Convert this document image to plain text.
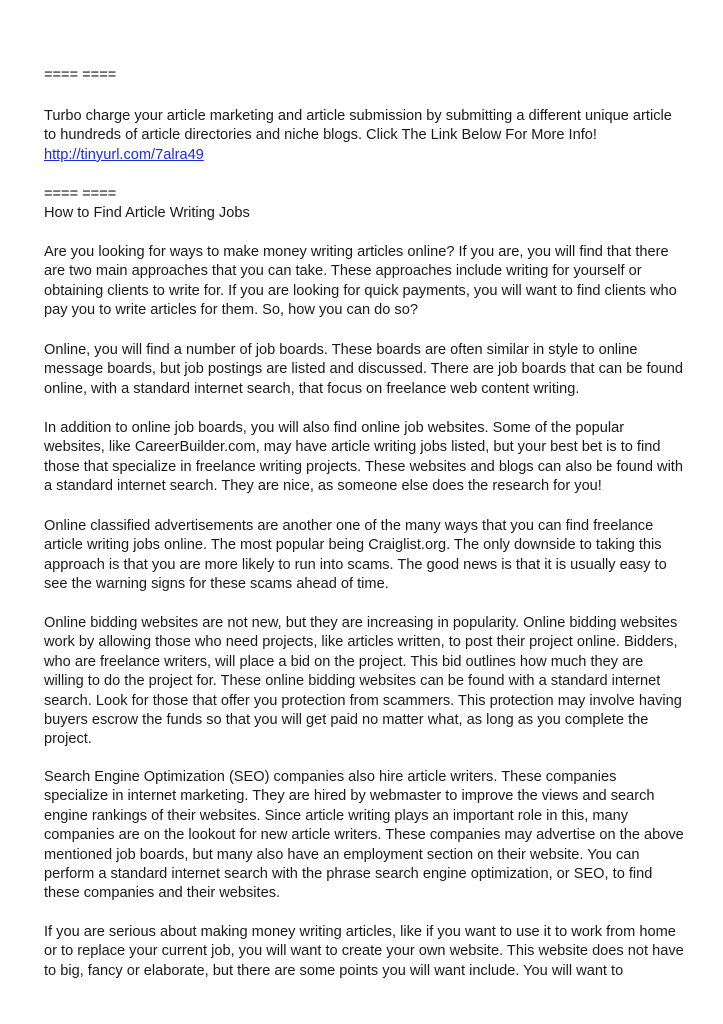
==== ====

Turbo charge your article marketing and article submission by submitting a different unique article to hundreds of article directories and niche blogs. Click The Link Below For More Info!

http://tinyurl.com/7alra49

==== ====

How to Find Article Writing Jobs

Are you looking for ways to make money writing articles online? If you are, you will find that there are two main approaches that you can take. These approaches include writing for yourself or obtaining clients to write for. If you are looking for quick payments, you will want to find clients who pay you to write articles for them. So, how you can do so?

Online, you will find a number of job boards. These boards are often similar in style to online message boards, but job postings are listed and discussed. There are job boards that can be found online, with a standard internet search, that focus on freelance web content writing.

In addition to online job boards, you will also find online job websites. Some of the popular websites, like CareerBuilder.com, may have article writing jobs listed, but your best bet is to find those that specialize in freelance writing projects. These websites and blogs can also be found with a standard internet search. They are nice, as someone else does the research for you!

Online classified advertisements are another one of the many ways that you can find freelance article writing jobs online. The most popular being Craiglist.org. The only downside to taking this approach is that you are more likely to run into scams. The good news is that it is usually easy to see the warning signs for these scams ahead of time.

Online bidding websites are not new, but they are increasing in popularity. Online bidding websites work by allowing those who need projects, like articles written, to post their project online. Bidders, who are freelance writers, will place a bid on the project. This bid outlines how much they are willing to do the project for. These online bidding websites can be found with a standard internet search. Look for those that offer you protection from scammers. This protection may involve having buyers escrow the funds so that you will get paid no matter what, as long as you complete the project.

Search Engine Optimization (SEO) companies also hire article writers. These companies specialize in internet marketing. They are hired by webmaster to improve the views and search engine rankings of their websites. Since article writing plays an important role in this, many companies are on the lookout for new article writers. These companies may advertise on the above mentioned job boards, but many also have an employment section on their website. You can perform a standard internet search with the phrase search engine optimization, or SEO, to find these companies and their websites.

If you are serious about making money writing articles, like if you want to use it to work from home or to replace your current job, you will want to create your own website. This website does not have to big, fancy or elaborate, but there are some points you will want include. You will want to
